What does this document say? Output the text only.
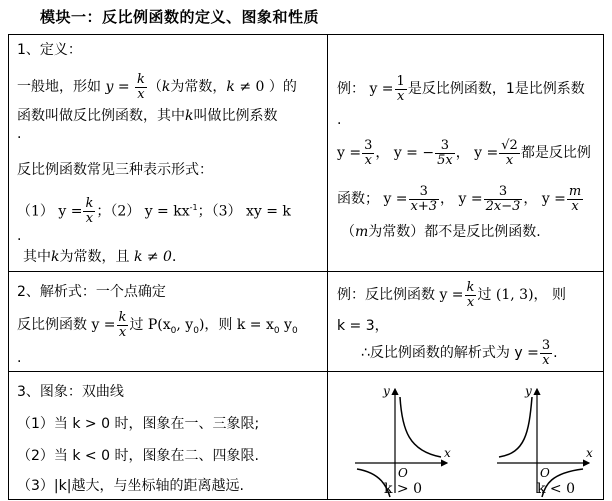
模块一：反比例函数的定义、图象和性质
1、定义：
一般地，形如 $y = \frac{k}{x} (k$为常数，k ≠ 0 ）的
函数叫做反比例函数，其中k叫做比例系数
.
反比例函数常见三种表示形式：
（1） $y = \frac{k}{x}$ ；（2） $y = kx^{-1}$；（3） xy = k
.
其中k为常数，且 k ≠ 0．
例： $y = \frac{1}{x}$ 是反比例函数，1是比例系数
.
$y = \frac{3}{x}$ ， y = − $\frac{3}{5x}$ ， $y = \frac{√2}{x}$ 都是反比例
函数； $y = \frac{3}{x+3}$ ， $y = \frac{3}{2x-3}$ ， $y = \frac{m}{x}$
（m为常数）都不是反比例函数.
2、解析式：一个点确定
反比例函数 $y = \frac{k}{x}$ 过 $P(x_0$, $y_0$)，则 $k = x_0$ $y_0$
.
例：反比例函数 $y = \frac{k}{x}$ 过 (1, 3)， 则
k = 3，
∴反比例函数的解析式为 $y = \frac{3}{x}$ .
3、图象：双曲线
（1）当 k > 0 时，图象在一、三象限;
（2）当 k < 0 时，图象在二、四象限.
（3）|k|越大，与坐标轴的距离越远.
x
y
O
x
y
O
k > 0	k < 0
